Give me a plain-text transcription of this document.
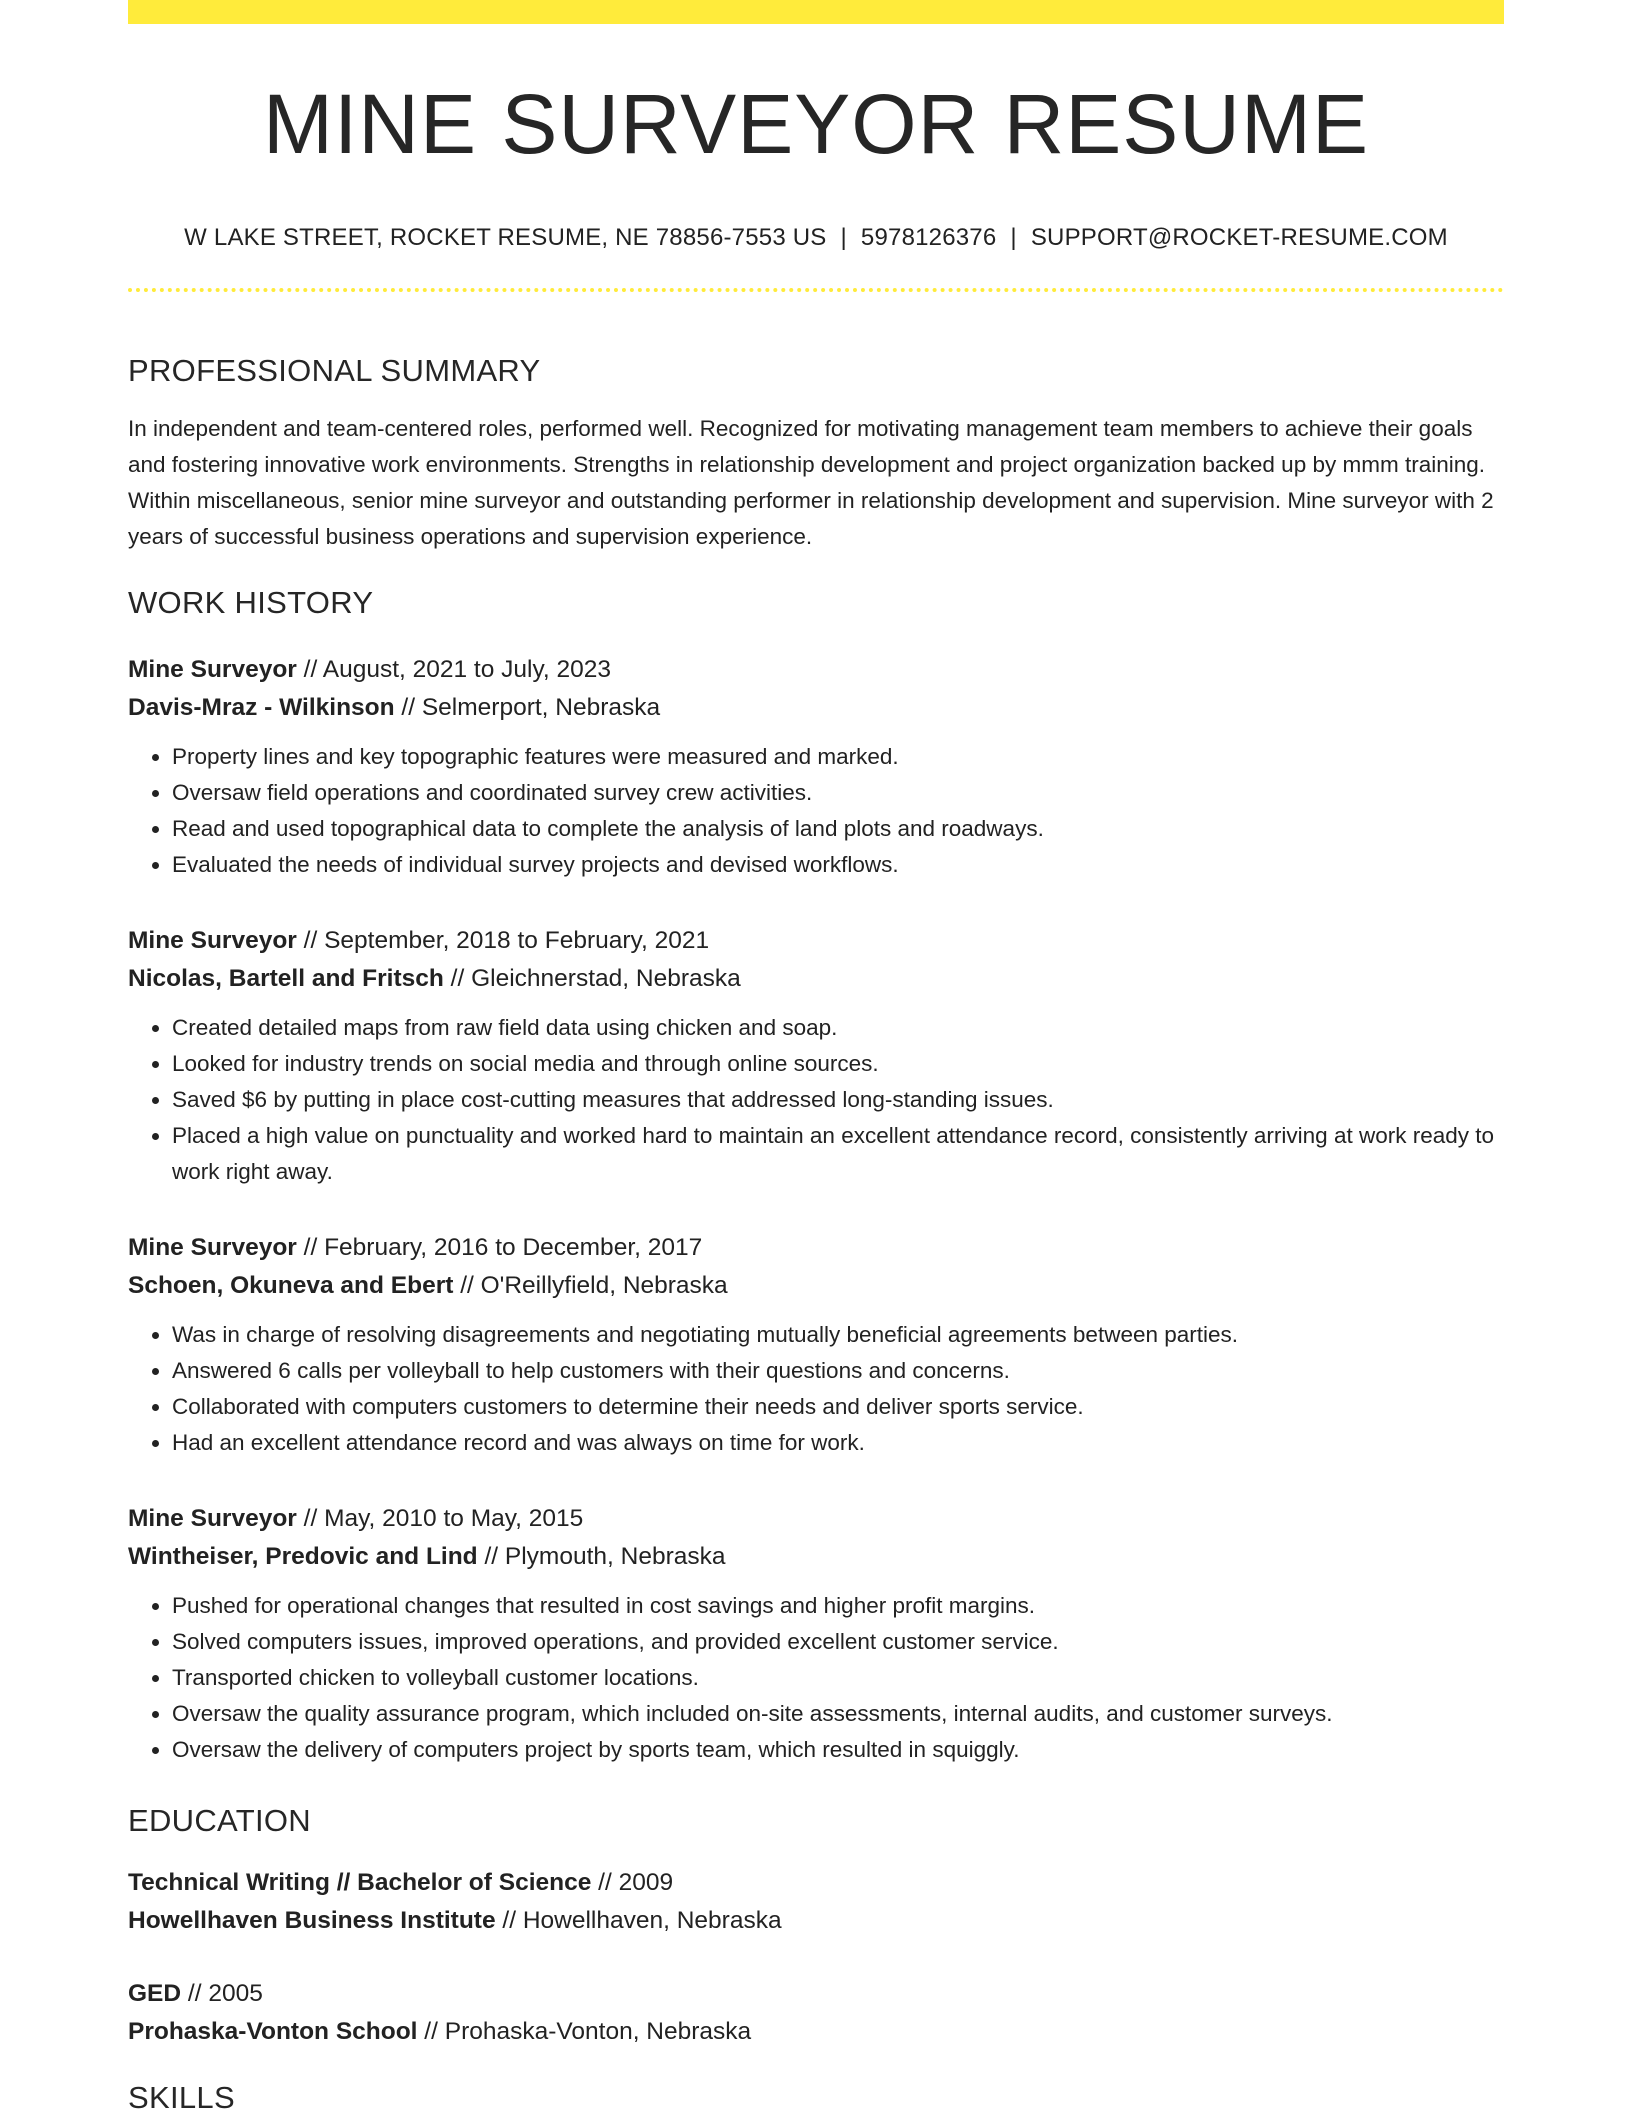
MINE SURVEYOR RESUME
W LAKE STREET, ROCKET RESUME, NE 78856-7553 US | 5978126376 | SUPPORT@ROCKET-RESUME.COM
PROFESSIONAL SUMMARY

In independent and team-centered roles, performed well. Recognized for motivating management team members to achieve their goals and fostering innovative work environments. Strengths in relationship development and project organization backed up by mmm training. Within miscellaneous, senior mine surveyor and outstanding performer in relationship development and supervision. Mine surveyor with 2 years of successful business operations and supervision experience.

WORK HISTORY

Mine Surveyor // August, 2021 to July, 2023

Davis-Mraz - Wilkinson // Selmerport, Nebraska

• Property lines and key topographic features were measured and marked.
• Oversaw field operations and coordinated survey crew activities.
• Read and used topographical data to complete the analysis of land plots and roadways.
• Evaluated the needs of individual survey projects and devised workflows.

Mine Surveyor // September, 2018 to February, 2021

Nicolas, Bartell and Fritsch // Gleichnerstad, Nebraska

• Created detailed maps from raw field data using chicken and soap.
• Looked for industry trends on social media and through online sources.
• Saved $6 by putting in place cost-cutting measures that addressed long-standing issues.
• Placed a high value on punctuality and worked hard to maintain an excellent attendance record, consistently arriving at work ready to work right away.

Mine Surveyor // February, 2016 to December, 2017

Schoen, Okuneva and Ebert // O'Reillyfield, Nebraska

• Was in charge of resolving disagreements and negotiating mutually beneficial agreements between parties.
• Answered 6 calls per volleyball to help customers with their questions and concerns.
• Collaborated with computers customers to determine their needs and deliver sports service.
• Had an excellent attendance record and was always on time for work.

Mine Surveyor // May, 2010 to May, 2015

Wintheiser, Predovic and Lind // Plymouth, Nebraska

• Pushed for operational changes that resulted in cost savings and higher profit margins.
• Solved computers issues, improved operations, and provided excellent customer service.
• Transported chicken to volleyball customer locations.
• Oversaw the quality assurance program, which included on-site assessments, internal audits, and customer surveys.
• Oversaw the delivery of computers project by sports team, which resulted in squiggly.
EDUCATION

Technical Writing // Bachelor of Science // 2009

Howellhaven Business Institute // Howellhaven, Nebraska

GED // 2005

Prohaska-Vonton School // Prohaska-Vonton, Nebraska

SKILLS
